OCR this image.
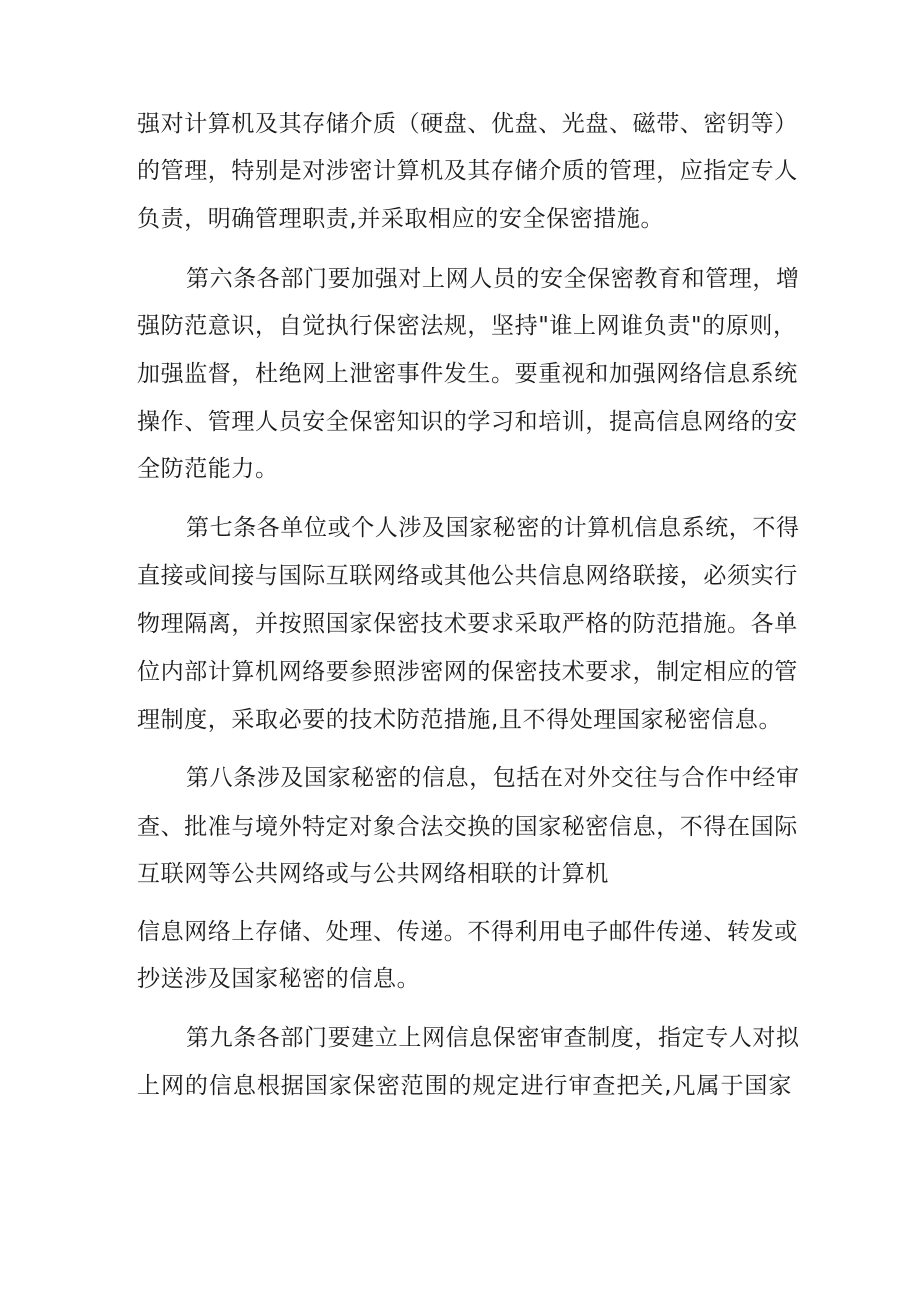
强对计算机及其存储介质（硬盘、优盘、光盘、磁带、密钥等）
的管理，特别是对涉密计算机及其存储介质的管理，应指定专人
负责，明确管理职责,并采取相应的安全保密措施。
第六条各部门要加强对上网人员的安全保密教育和管理，增
强防范意识，自觉执行保密法规，坚持"谁上网谁负责"的原则，
加强监督，杜绝网上泄密事件发生。要重视和加强网络信息系统
操作、管理人员安全保密知识的学习和培训，提高信息网络的安
全防范能力。
第七条各单位或个人涉及国家秘密的计算机信息系统，不得
直接或间接与国际互联网络或其他公共信息网络联接，必须实行
物理隔离，并按照国家保密技术要求采取严格的防范措施。各单
位内部计算机网络要参照涉密网的保密技术要求，制定相应的管
理制度，采取必要的技术防范措施,且不得处理国家秘密信息。
第八条涉及国家秘密的信息，包括在对外交往与合作中经审
查、批准与境外特定对象合法交换的国家秘密信息，不得在国际
互联网等公共网络或与公共网络相联的计算机
信息网络上存储、处理、传递。不得利用电子邮件传递、转发或
抄送涉及国家秘密的信息。
第九条各部门要建立上网信息保密审查制度，指定专人对拟
上网的信息根据国家保密范围的规定进行审查把关,凡属于国家
